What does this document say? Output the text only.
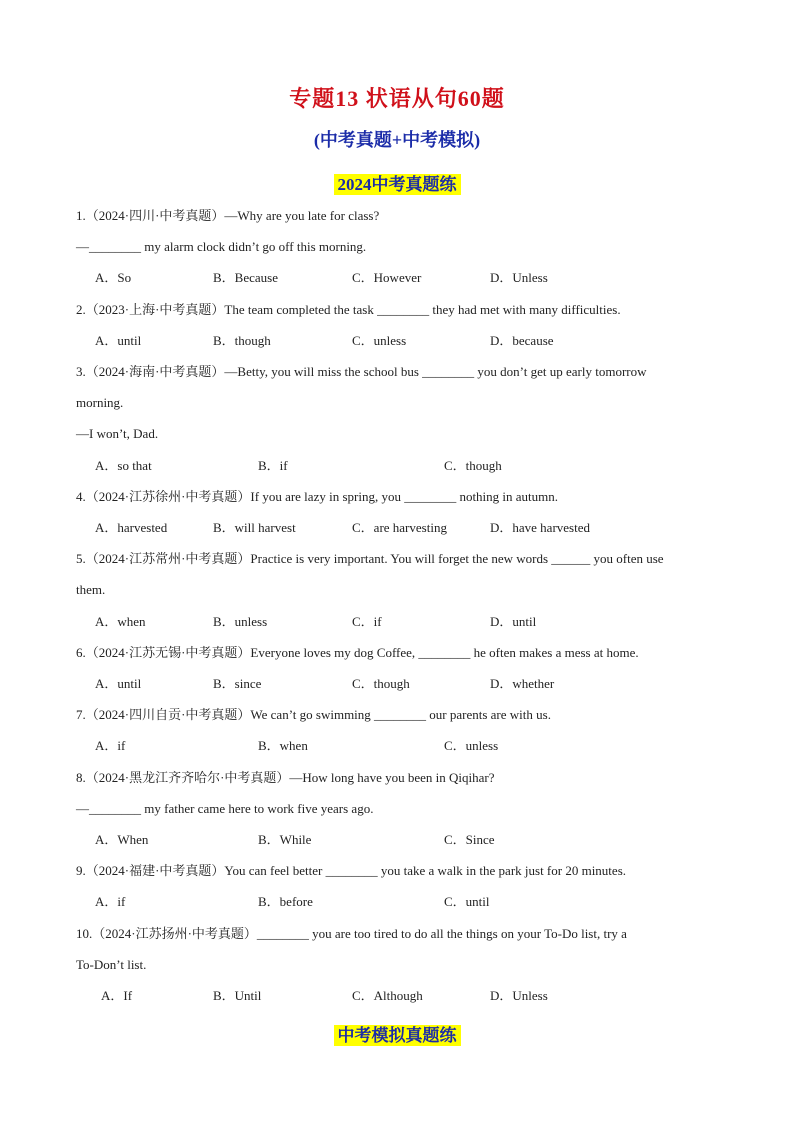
专题13 状语从句60题
(中考真题+中考模拟)
2024中考真题练
1.（2024·四川·中考真题）—Why are you late for class?
—________ my alarm clock didn’t go off this morning.
A．So	B．Because	C．However	D．Unless
2.（2023·上海·中考真题）The team completed the task ________ they had met with many difficulties.
A．until	B．though	C．unless	D．because
3.（2024·海南·中考真题）—Betty, you will miss the school bus ________ you don’t get up early tomorrow
morning.
—I won’t, Dad.
A．so that	B．if	C．though
4.（2024·江苏徐州·中考真题）If you are lazy in spring, you ________ nothing in autumn.
A．harvested	B．will harvest	C．are harvesting	D．have harvested
5.（2024·江苏常州·中考真题）Practice is very important. You will forget the new words ______ you often use
them.
A．when	B．unless	C．if	D．until
6.（2024·江苏无锡·中考真题）Everyone loves my dog Coffee, ________ he often makes a mess at home.
A．until	B．since	C．though	D．whether
7.（2024·四川自贡·中考真题）We can’t go swimming ________ our parents are with us.
A．if	B．when	C．unless
8.（2024·黑龙江齐齐哈尔·中考真题）—How long have you been in Qiqihar?
—________ my father came here to work five years ago.
A．When	B．While	C．Since
9.（2024·福建·中考真题）You can feel better ________ you take a walk in the park just for 20 minutes.
A．if	B．before	C．until
10.（2024·江苏扬州·中考真题）________ you are too tired to do all the things on your To-Do list, try a
To-Don’t list.
A．If	B．Until	C．Although	D．Unless
中考模拟真题练
